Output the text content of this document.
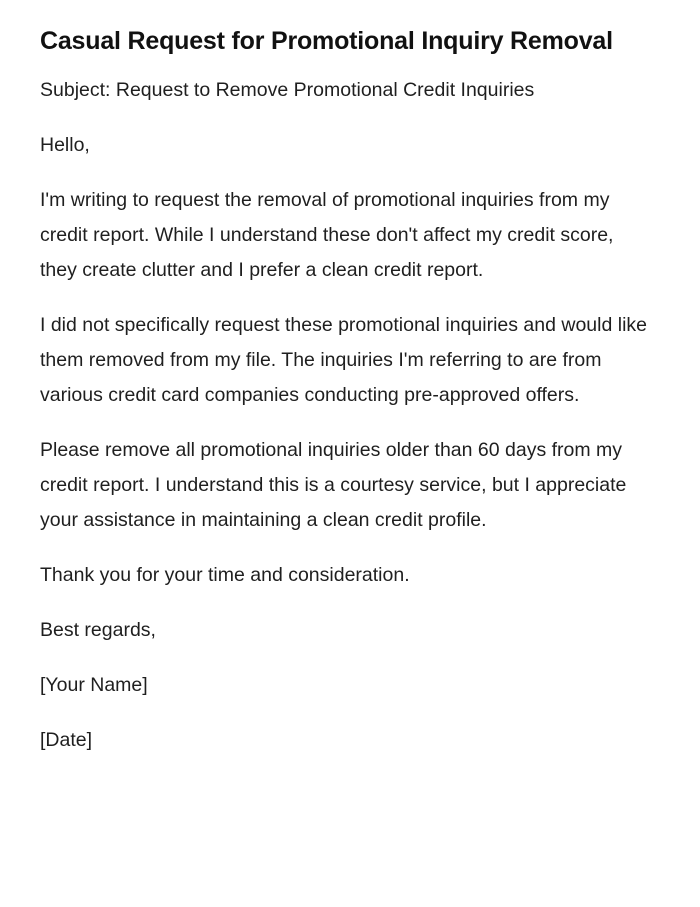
Casual Request for Promotional Inquiry Removal

Subject: Request to Remove Promotional Credit Inquiries

Hello,

I'm writing to request the removal of promotional inquiries from my credit report. While I understand these don't affect my credit score, they create clutter and I prefer a clean credit report.

I did not specifically request these promotional inquiries and would like them removed from my file. The inquiries I'm referring to are from various credit card companies conducting pre-approved offers.

Please remove all promotional inquiries older than 60 days from my credit report. I understand this is a courtesy service, but I appreciate your assistance in maintaining a clean credit profile.

Thank you for your time and consideration.

Best regards,

[Your Name]

[Date]
